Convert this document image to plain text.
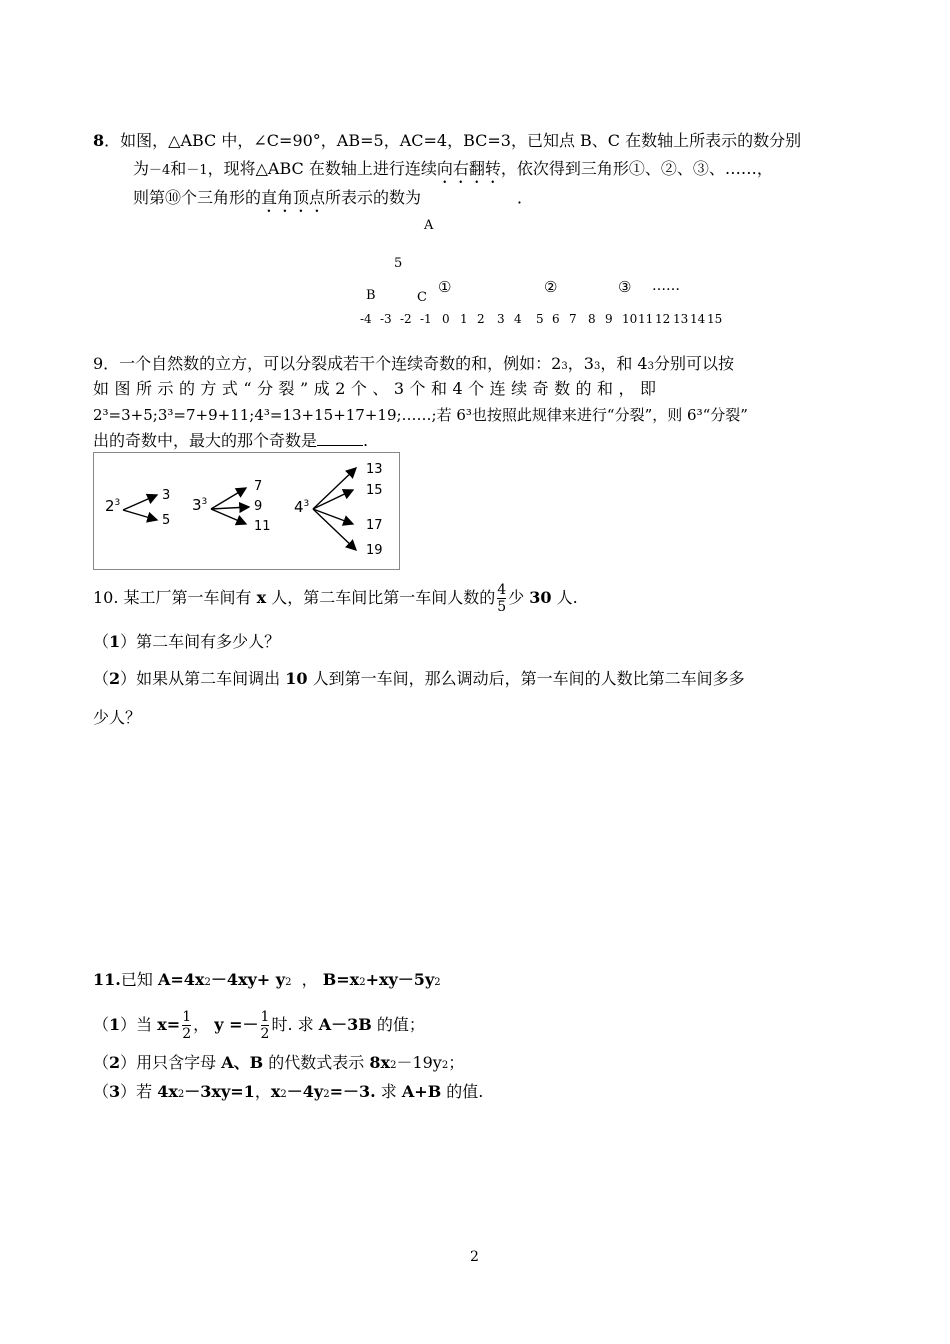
8．如图，△ABC 中，∠C=90°，AB=5，AC=4，BC=3，已知点 B、C 在数轴上所表示的数分别
为－4和－1，现将△ABC 在数轴上进行连续向右翻转，依次得到三角形①、②、③、……，
则第⑩个三角形的直角顶点所表示的数为	．
A
5
B	C
①	②	③ ……
-4 -3 -2 -1 0 1 2 3 4 5 6 7 8 9 10 11 12 13 14 15
9．一个自然数的立方，可以分裂成若干个连续奇数的和，例如：23，33，和 43分别可以按
如 图 所 示 的 方 式 “ 分 裂 ” 成 2 个 、 3 个 和 4 个 连 续 奇 数 的 和 ， 即
2³=3+5;3³=7+9+11;4³=13+15+17+19;……;若 6³也按照此规律来进行“分裂”，则 6³“分裂”
出的奇数中，最大的那个奇数是	.
$2^3$	3
5
$3^3$
7
9
11
$4^3$
13
15
17
19
10. 某工厂第一车间有 x 人，第二车间比第一车间人数的 $\frac{4}{5}$ 少 30 人.
（1）第二车间有多少人？
（2）如果从第二车间调出 10 人到第一车间，那么调动后，第一车间的人数比第二车间多多
少人？
11.已知 A=4x2－4xy+ y2 ， B=x2+xy－5y2
（1）当 $x= \frac{1}{2}$ ， $y =- \frac{1}{2}$ 时. 求 A－3B 的值；
（2）用只含字母 A、B 的代数式表示 8x2－19y2；
（3）若 4x2－3xy=1，x2－4y2=－3. 求 A+B 的值.
2
